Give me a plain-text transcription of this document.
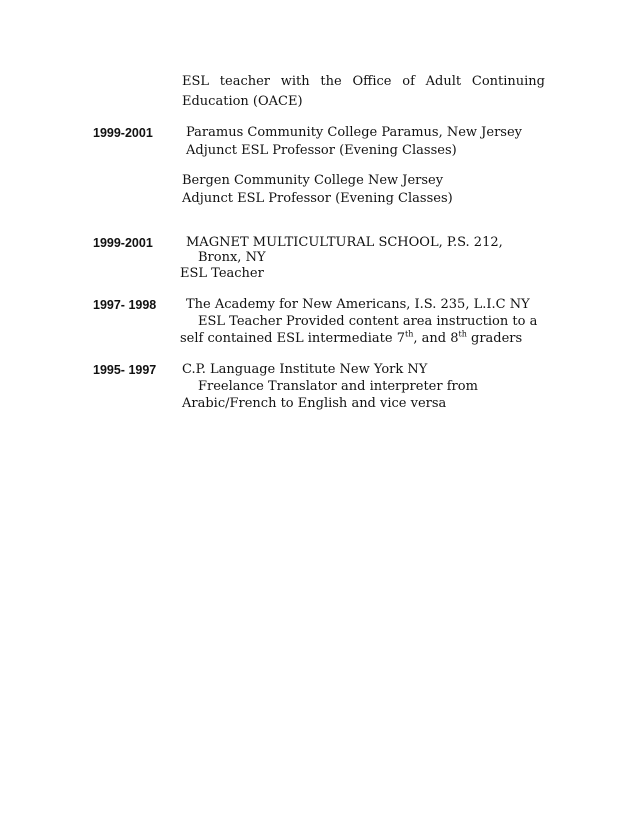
ESL teacher with the Office of Adult Continuing
Education (OACE)
1999-2001	Paramus Community College Paramus, New Jersey
Adjunct ESL Professor (Evening Classes)
Bergen Community College New Jersey
Adjunct ESL Professor (Evening Classes)
1999-2001	MAGNET MULTICULTURAL SCHOOL, P.S. 212,
Bronx, NY
ESL Teacher
1997- 1998 The Academy for New Americans, I.S. 235, L.I.C NY
ESL Teacher Provided content area instruction to a
self contained ESL intermediate 7th, and 8th graders
1995- 1997 C.P. Language Institute New York NY
Freelance Translator and interpreter from
Arabic/French to English and vice versa
